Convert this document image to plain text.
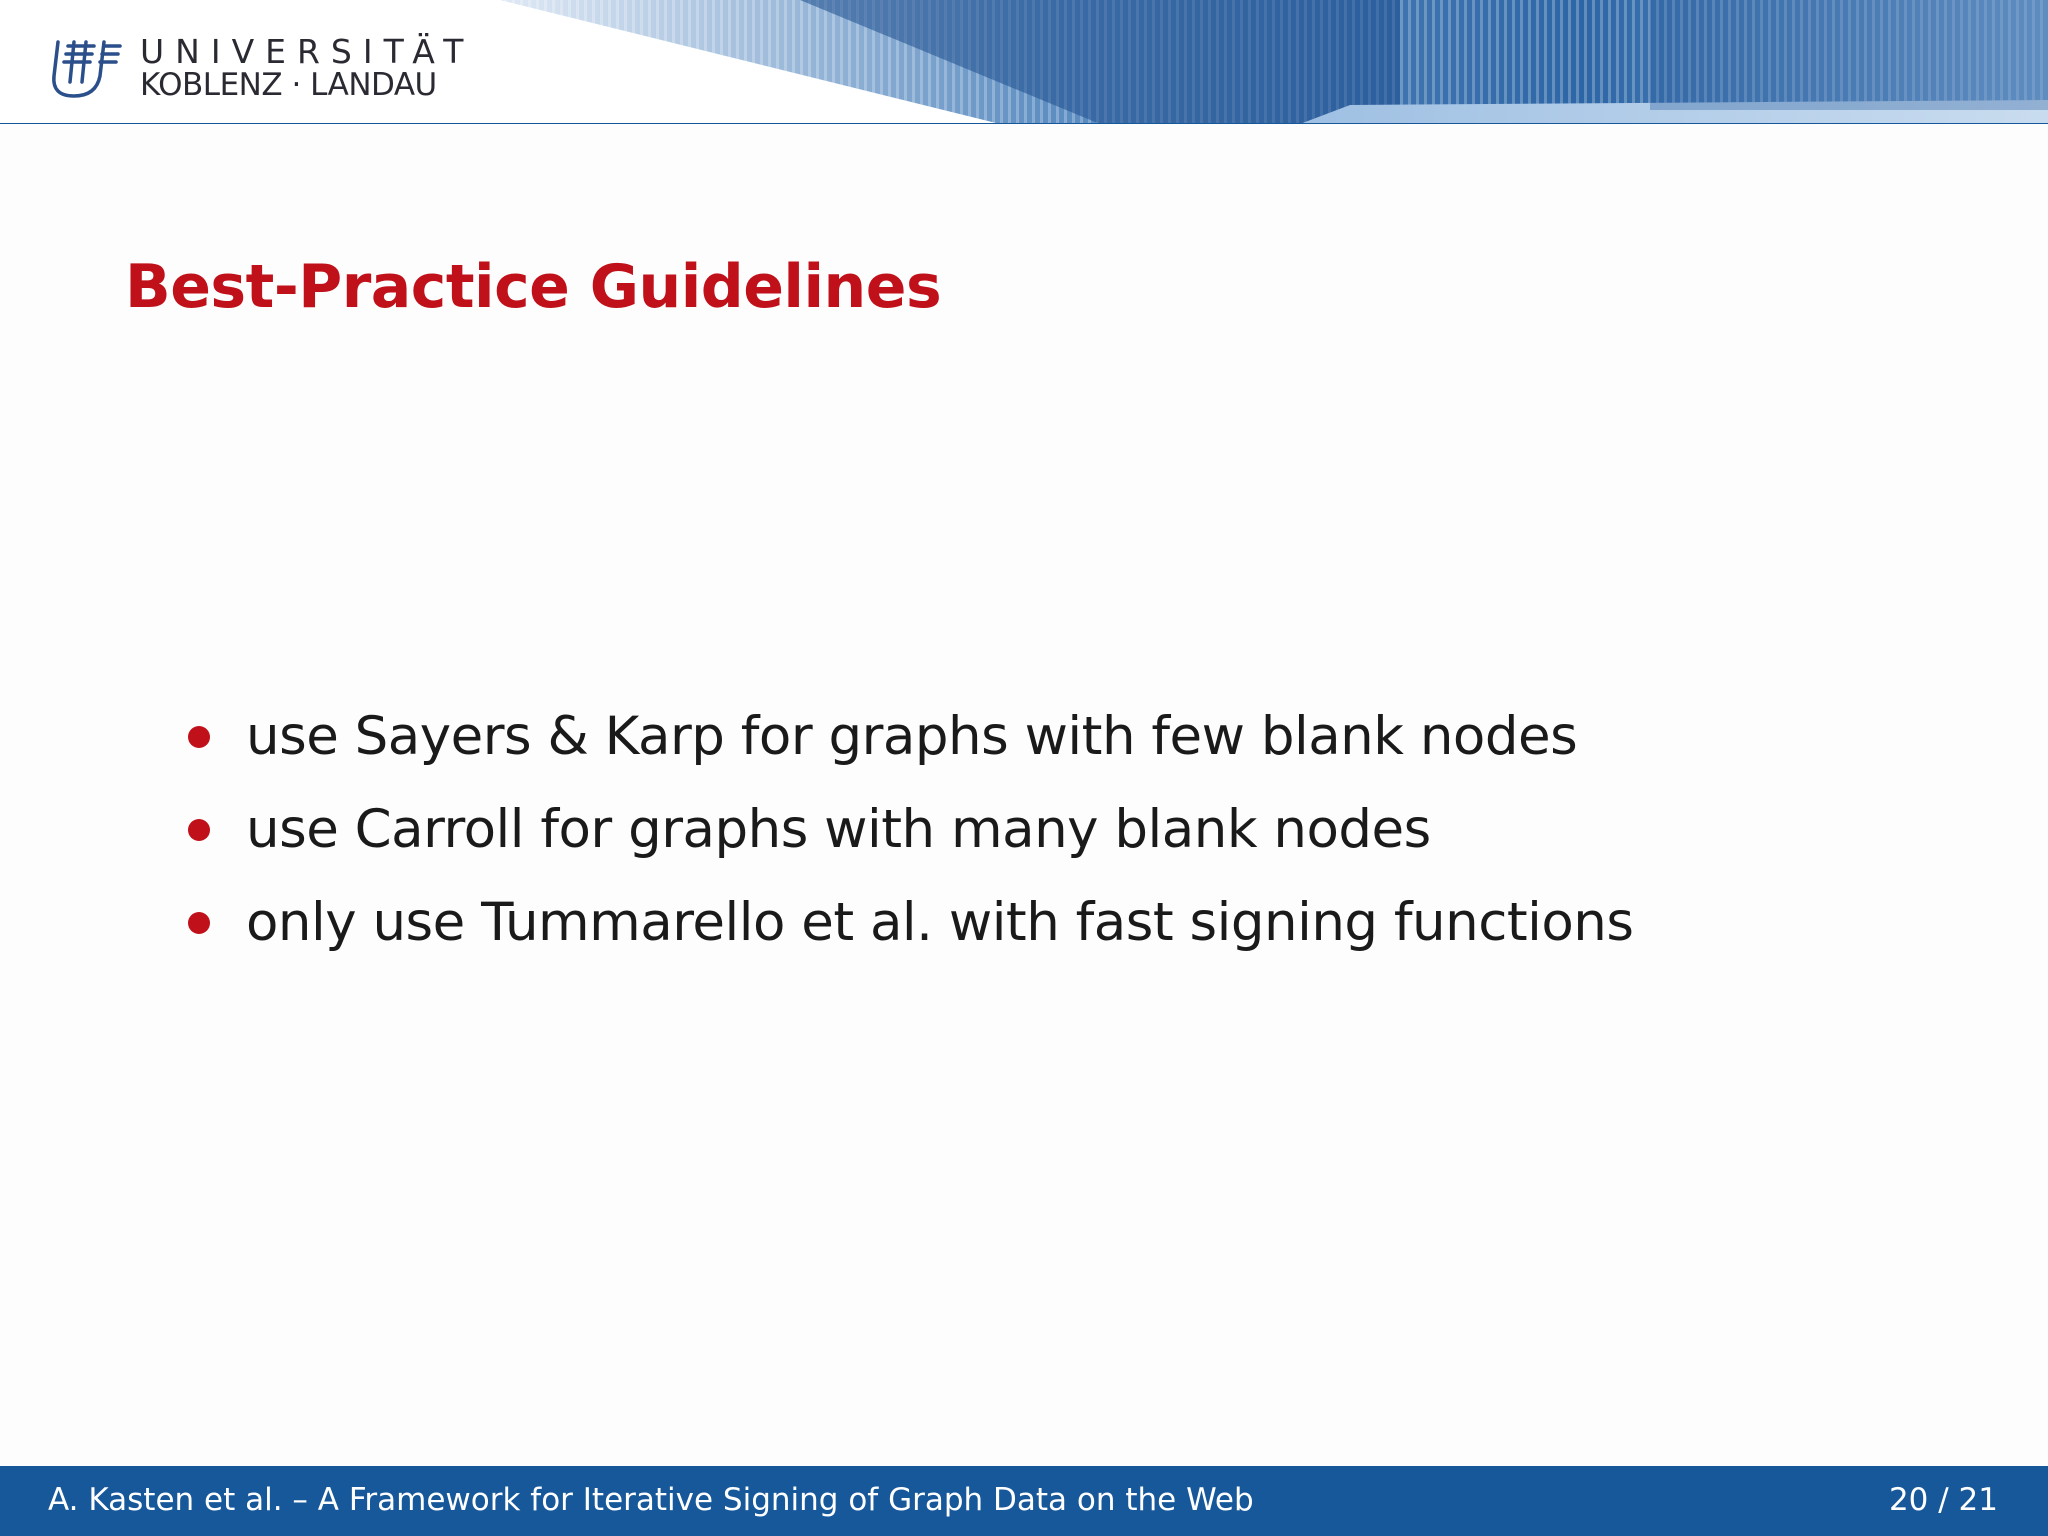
UNIVERSITÄT
KOBLENZ · LANDAU
Best-Practice Guidelines
use Sayers & Karp for graphs with few blank nodes
use Carroll for graphs with many blank nodes
only use Tummarello et al. with fast signing functions
A. Kasten et al. – A Framework for Iterative Signing of Graph Data on the Web	20 / 21
